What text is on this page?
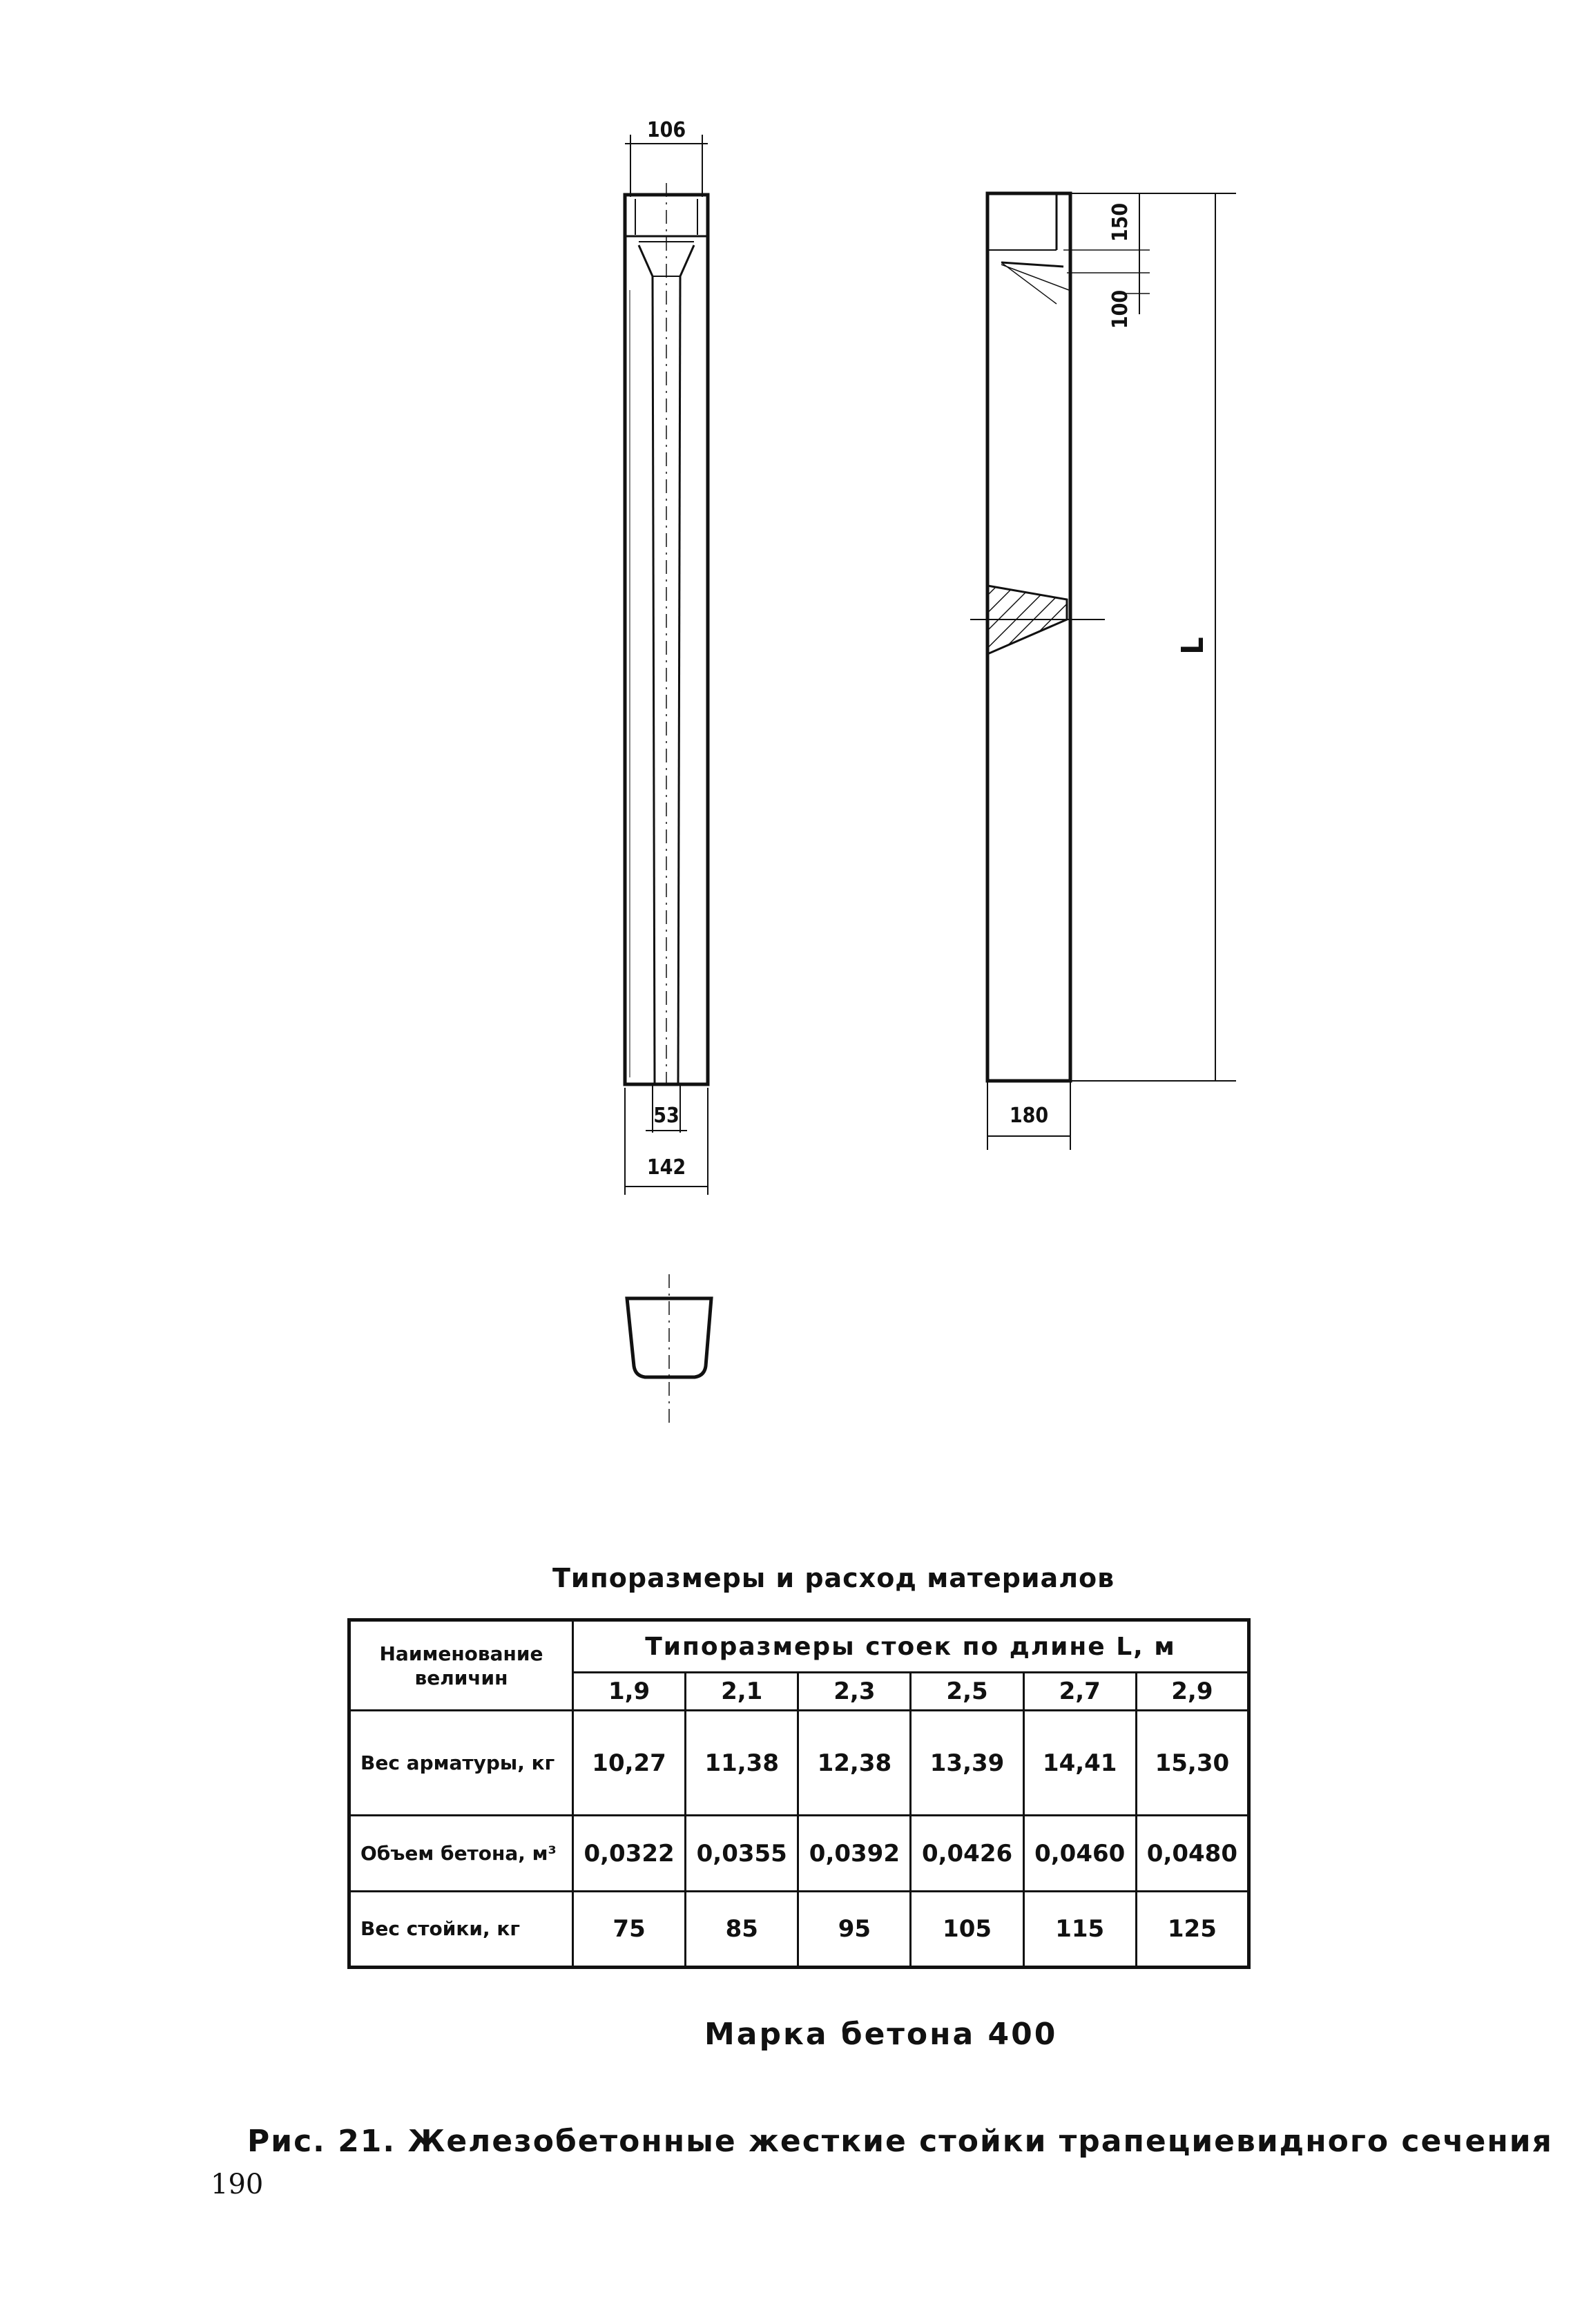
106
53
142
150
100
L
180
Типоразмеры и расход материалов
Наименование величин	Типоразмеры стоек по длине L, м					
	1,9	2,1	2,3	2,5	2,7	2,9
Вес арматуры, кг	10,27	11,38	12,38	13,39	14,41	15,30
Объем бетона, м³	0,0322	0,0355	0,0392	0,0426	0,0460	0,0480
Вес стойки, кг	75	85	95	105	115	125
Марка бетона 400
Рис. 21. Железобетонные жесткие стойки трапециевидного сечения
190
